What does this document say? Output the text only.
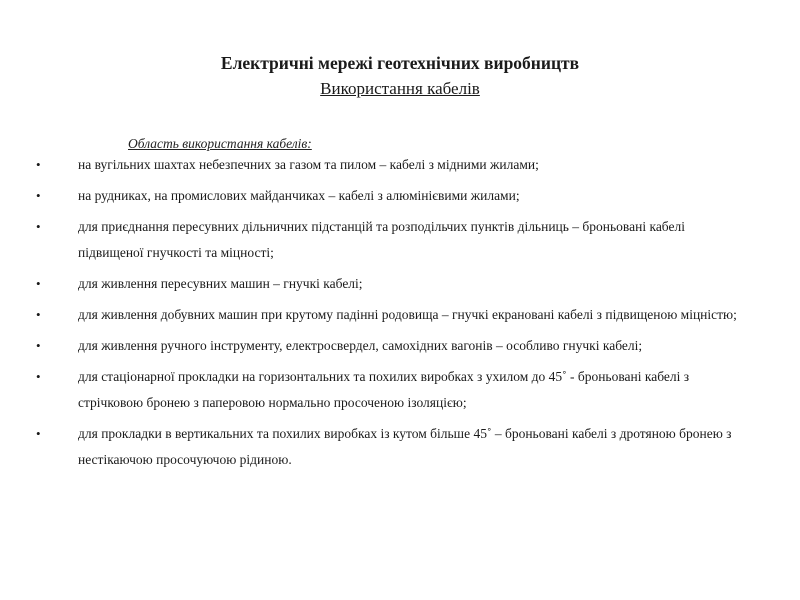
Електричні мережі геотехнічних виробництв
Використання кабелів
Область використання кабелів:
•	на вугільних шахтах небезпечних за газом та пилом – кабелі з мідними жилами;
•	на рудниках, на промислових майданчиках – кабелі з алюмінієвими жилами;
•	для приєднання пересувних дільничних підстанцій та розподільчих пунктів дільниць – броньовані кабелі підвищеної гнучкості та міцності;
•	для живлення пересувних машин – гнучкі кабелі;
•	для живлення добувних машин при крутому падінні родовища – гнучкі екрановані кабелі з підвищеною міцністю;
•	для живлення ручного інструменту, електросвердел, самохідних вагонів – особливо гнучкі кабелі;
•	для стаціонарної прокладки на горизонтальних та похилих виробках з ухилом до 45˚ - броньовані кабелі з стрічковою бронею з паперовою нормально просоченою ізоляцією;
•	для прокладки в вертикальних та похилих виробках із кутом більше 45˚ – броньовані кабелі з дротяною бронею з нестікаючою просочуючою рідиною.
